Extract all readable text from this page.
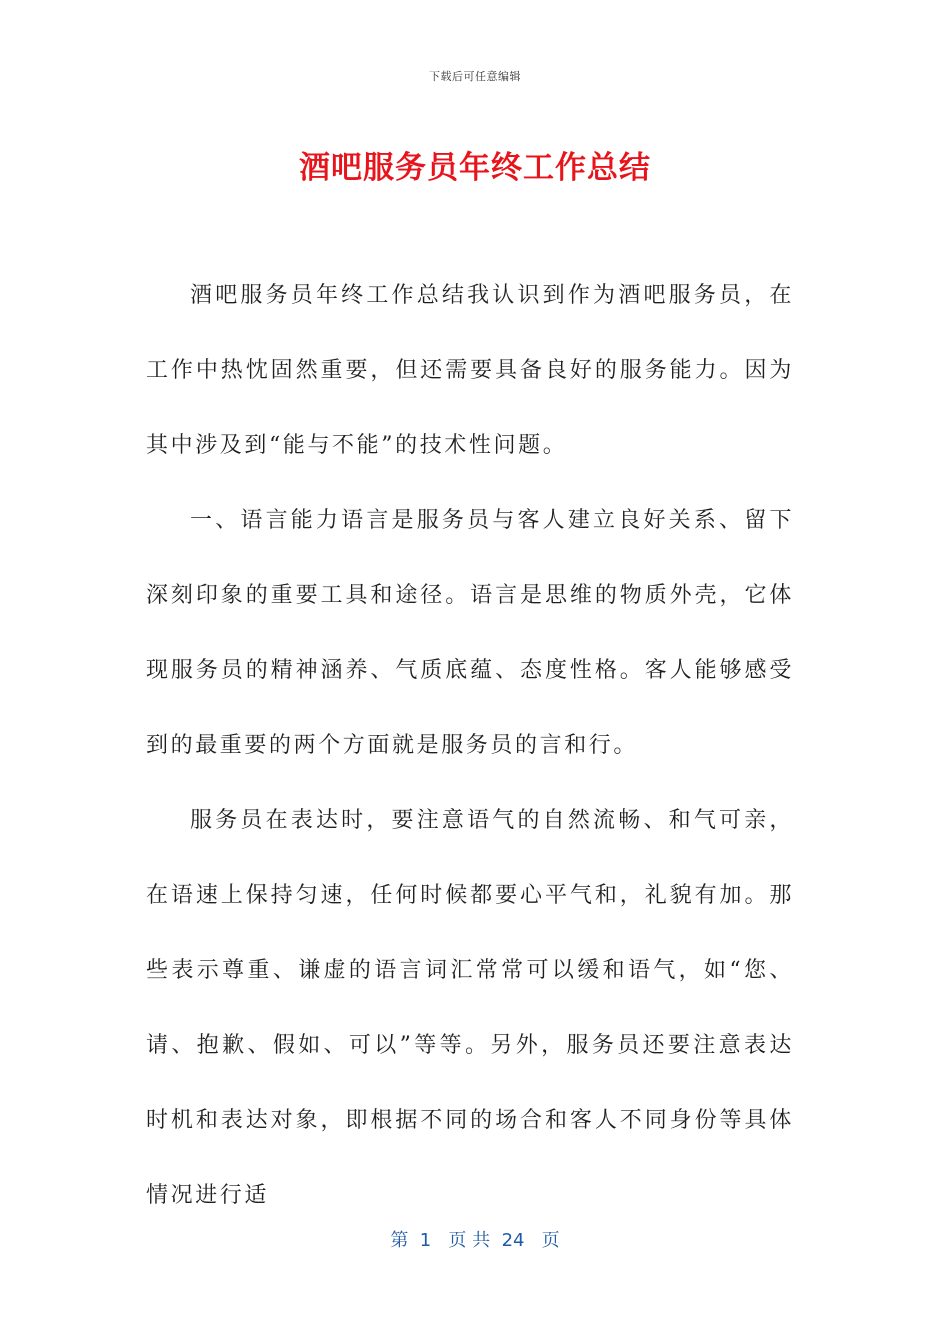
下载后可任意编辑
酒吧服务员年终工作总结

酒吧服务员年终工作总结我认识到作为酒吧服务员，在工作中热忱固然重要，但还需要具备良好的服务能力。因为其中涉及到“能与不能”的技术性问题。

一、语言能力语言是服务员与客人建立良好关系、留下深刻印象的重要工具和途径。语言是思维的物质外壳，它体现服务员的精神涵养、气质底蕴、态度性格。客人能够感受到的最重要的两个方面就是服务员的言和行。

服务员在表达时，要注意语气的自然流畅、和气可亲，在语速上保持匀速，任何时候都要心平气和，礼貌有加。那些表示尊重、谦虚的语言词汇常常可以缓和语气，如“您、请、抱歉、假如、可以”等等。另外，服务员还要注意表达时机和表达对象，即根据不同的场合和客人不同身份等具体情况进行适

第  1   页 共  24   页
